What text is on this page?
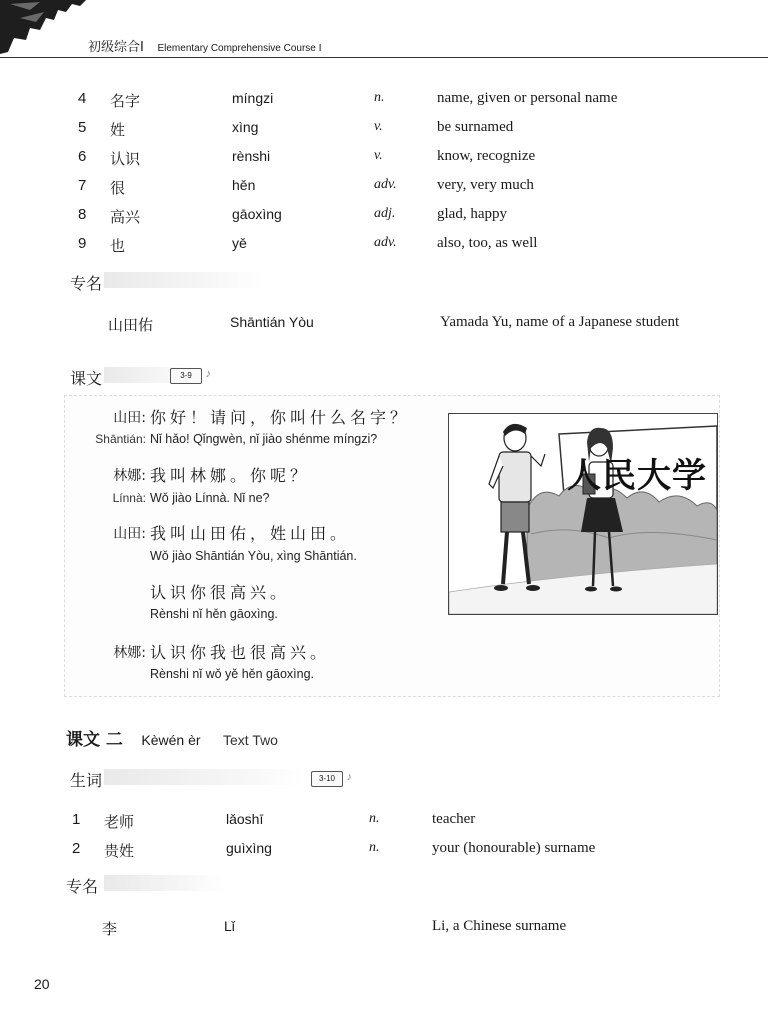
初级综合Ⅰ Elementary Comprehensive Course Ⅰ
4	名字	míngzi	n.	name, given or personal name
5	姓	xìng	v.	be surnamed
6	认识	rènshi	v.	know, recognize
7	很	hěn	adv.	very, very much
8	高兴	gāoxìng	adj.	glad, happy
9	也	yě	adv.	also, too, as well
专名
山田佑	Shāntián Yòu	Yamada Yu, name of a Japanese student
课文	3-9 ♪
山田: 你好！请问，你叫什么名字？
Shāntián: Nǐ hǎo! Qǐngwèn, nǐ jiào shénme míngzi?
林娜: 我叫林娜。你呢？
Línnà: Wǒ jiào Línnà. Nǐ ne?
山田: 我叫山田佑，姓山田。
Wǒ jiào Shāntián Yòu, xìng Shāntián.
认识你很高兴。
Rènshi nǐ hěn gāoxìng.
林娜: 认识你我也很高兴。
Rènshi nǐ wǒ yě hěn gāoxìng.
人民大学
课文 二 Kèwén èr Text Two
生词	3-10 ♪
1	老师	lǎoshī	n.	teacher
2	贵姓	guìxìng	n.	your (honourable) surname
专名
李	Lǐ	Li, a Chinese surname
20
